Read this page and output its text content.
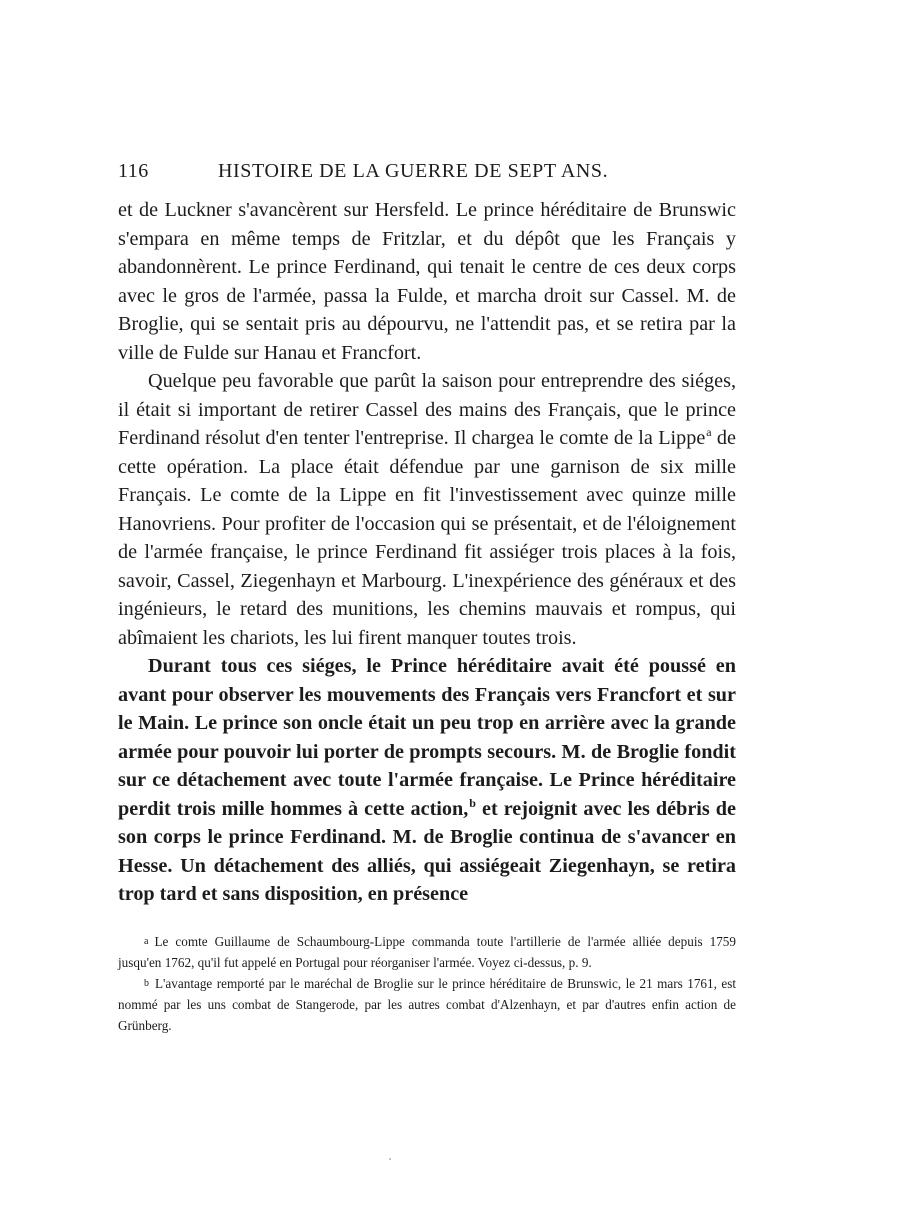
116	HISTOIRE DE LA GUERRE DE SEPT ANS.

et de Luckner s'avancèrent sur Hersfeld. Le prince héréditaire de Brunswic s'empara en même temps de Fritzlar, et du dépôt que les Français y abandonnèrent. Le prince Ferdinand, qui tenait le centre de ces deux corps avec le gros de l'armée, passa la Fulde, et marcha droit sur Cassel. M. de Broglie, qui se sentait pris au dépourvu, ne l'attendit pas, et se retira par la ville de Fulde sur Hanau et Francfort.

Quelque peu favorable que parût la saison pour entreprendre des siéges, il était si important de retirer Cassel des mains des Français, que le prince Ferdinand résolut d'en tenter l'entreprise. Il chargea le comte de la Lippe$^a$ de cette opération. La place était défendue par une garnison de six mille Français. Le comte de la Lippe en fit l'investissement avec quinze mille Hanovriens. Pour profiter de l'occasion qui se présentait, et de l'éloignement de l'armée française, le prince Ferdinand fit assiéger trois places à la fois, savoir, Cassel, Ziegenhayn et Marbourg. L'inexpérience des généraux et des ingénieurs, le retard des munitions, les chemins mauvais et rompus, qui abîmaient les chariots, les lui firent manquer toutes trois.

Durant tous ces siéges, le Prince héréditaire avait été poussé en avant pour observer les mouvements des Français vers Francfort et sur le Main. Le prince son oncle était un peu trop en arrière avec la grande armée pour pouvoir lui porter de prompts secours. M. de Broglie fondit sur ce détachement avec toute l'armée française. Le Prince héréditaire perdit trois mille hommes à cette action,$^b$ et rejoignit avec les débris de son corps le prince Ferdinand. M. de Broglie continua de s'avancer en Hesse. Un détachement des alliés, qui assiégeait Ziegenhayn, se retira trop tard et sans disposition, en présence

a Le comte Guillaume de Schaumbourg-Lippe commanda toute l'artillerie de l'armée alliée depuis 1759 jusqu'en 1762, qu'il fut appelé en Portugal pour réorganiser l'armée. Voyez ci-dessus, p. 9.

b L'avantage remporté par le maréchal de Broglie sur le prince héréditaire de Brunswic, le 21 mars 1761, est nommé par les uns combat de Stangerode, par les autres combat d'Alzenhayn, et par d'autres enfin action de Grünberg.
